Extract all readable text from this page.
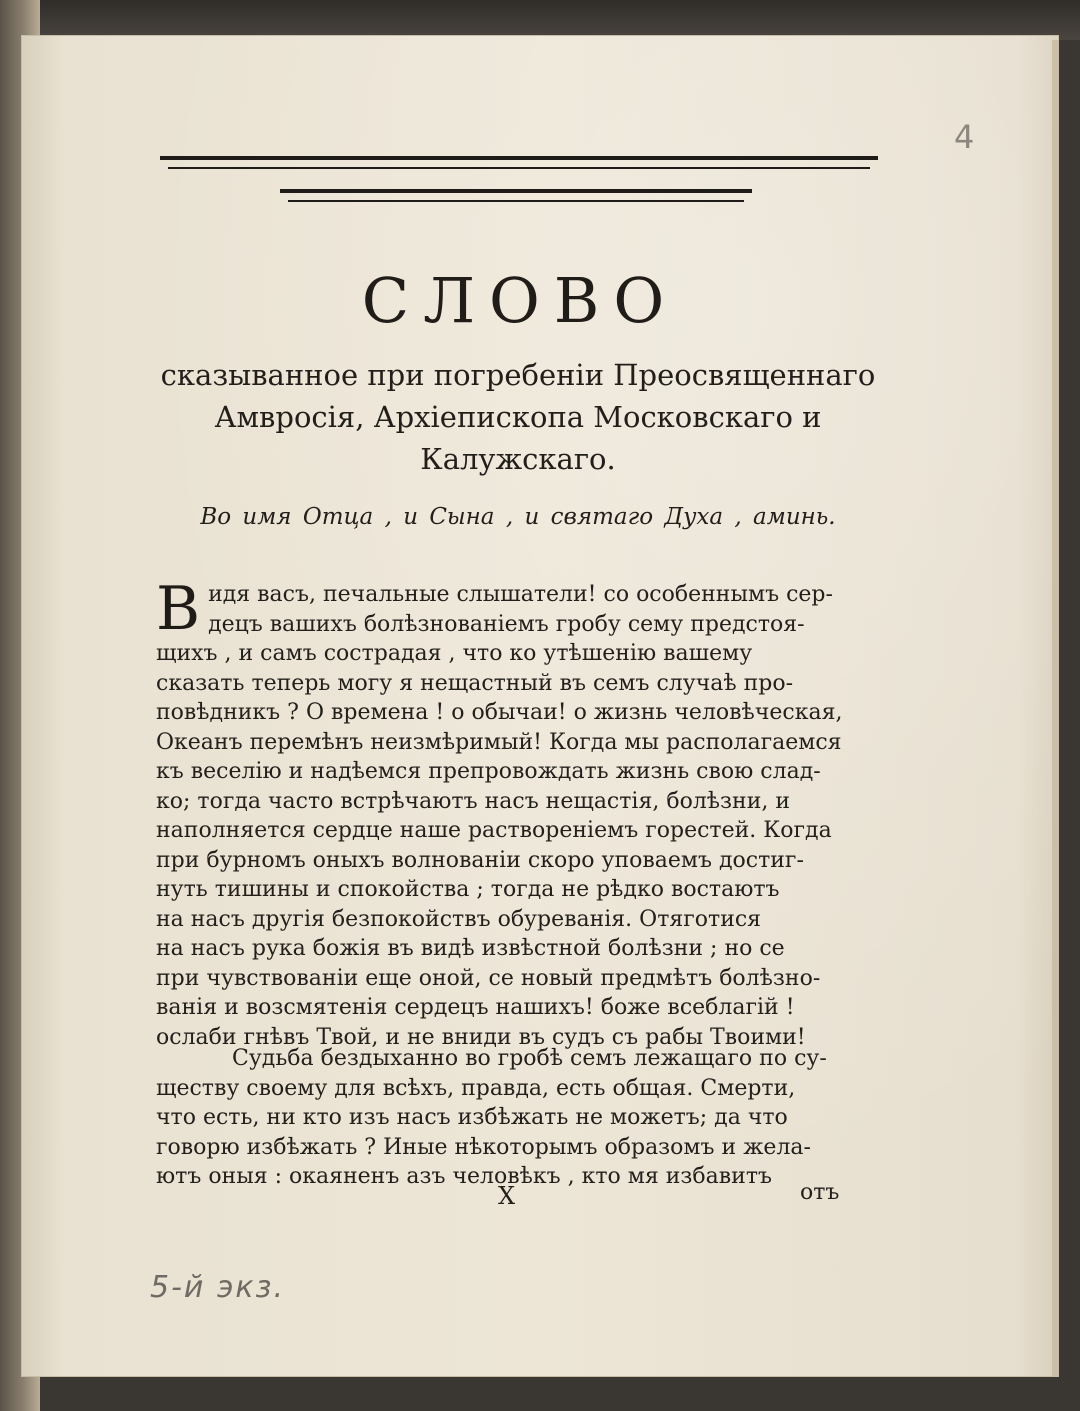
4
СЛОВО
сказыванное при погребенiи Преосвященнаго
Амвросiя, Архiепископа Московскаго и
Калужскаго.
Во имя Отца , и Сына , и святаго Духа , аминь.
В идя васъ, печальные слышатели! со особеннымъ сер-
децъ вашихъ болѣзнованiемъ гробу сему предстоя-
щихъ , и самъ сострадая , что ко утѣшенiю вашему
сказать теперь могу я нещастный въ семъ случаѣ про-
повѣдникъ ? О времена ! о обычаи! о жизнь человѣческая,
Океанъ перемѣнъ неизмѣримый! Когда мы располагаемся
къ веселiю и надѣемся препровождать жизнь свою слад-
ко; тогда часто встрѣчаютъ насъ нещастiя, болѣзни, и
наполняется сердце наше раствоpенiемъ горестей. Когда
при бурномъ оныхъ волнованiи скоро уповаемъ достиг-
нуть тишины и спокойства ; тогда не рѣдко востаютъ
на насъ другiя безпокойствъ обуреванiя. Отяготися
на насъ рука божiя въ видѣ извѣстной болѣзни ; но се
при чувствованiи еще оной, се новый предмѣтъ болѣзно-
ванiя и возсмятенiя сердецъ нашихъ! боже всеблагiй !
ослаби гнѣвъ Твой, и не вниди въ судъ съ рабы Твоими!
Судьба бездыханно во гробѣ семъ лежащаго по су-
ществу своему для всѣхъ, правда, есть общая. Смерти,
что есть, ни кто изъ насъ избѣжать не можетъ; да что
говорю избѣжать ? Иные нѣкоторымъ образомъ и жела-
ютъ оныя : окаяненъ азъ человѣкъ , кто мя избавитъ
Х	отъ
5-й экз.
